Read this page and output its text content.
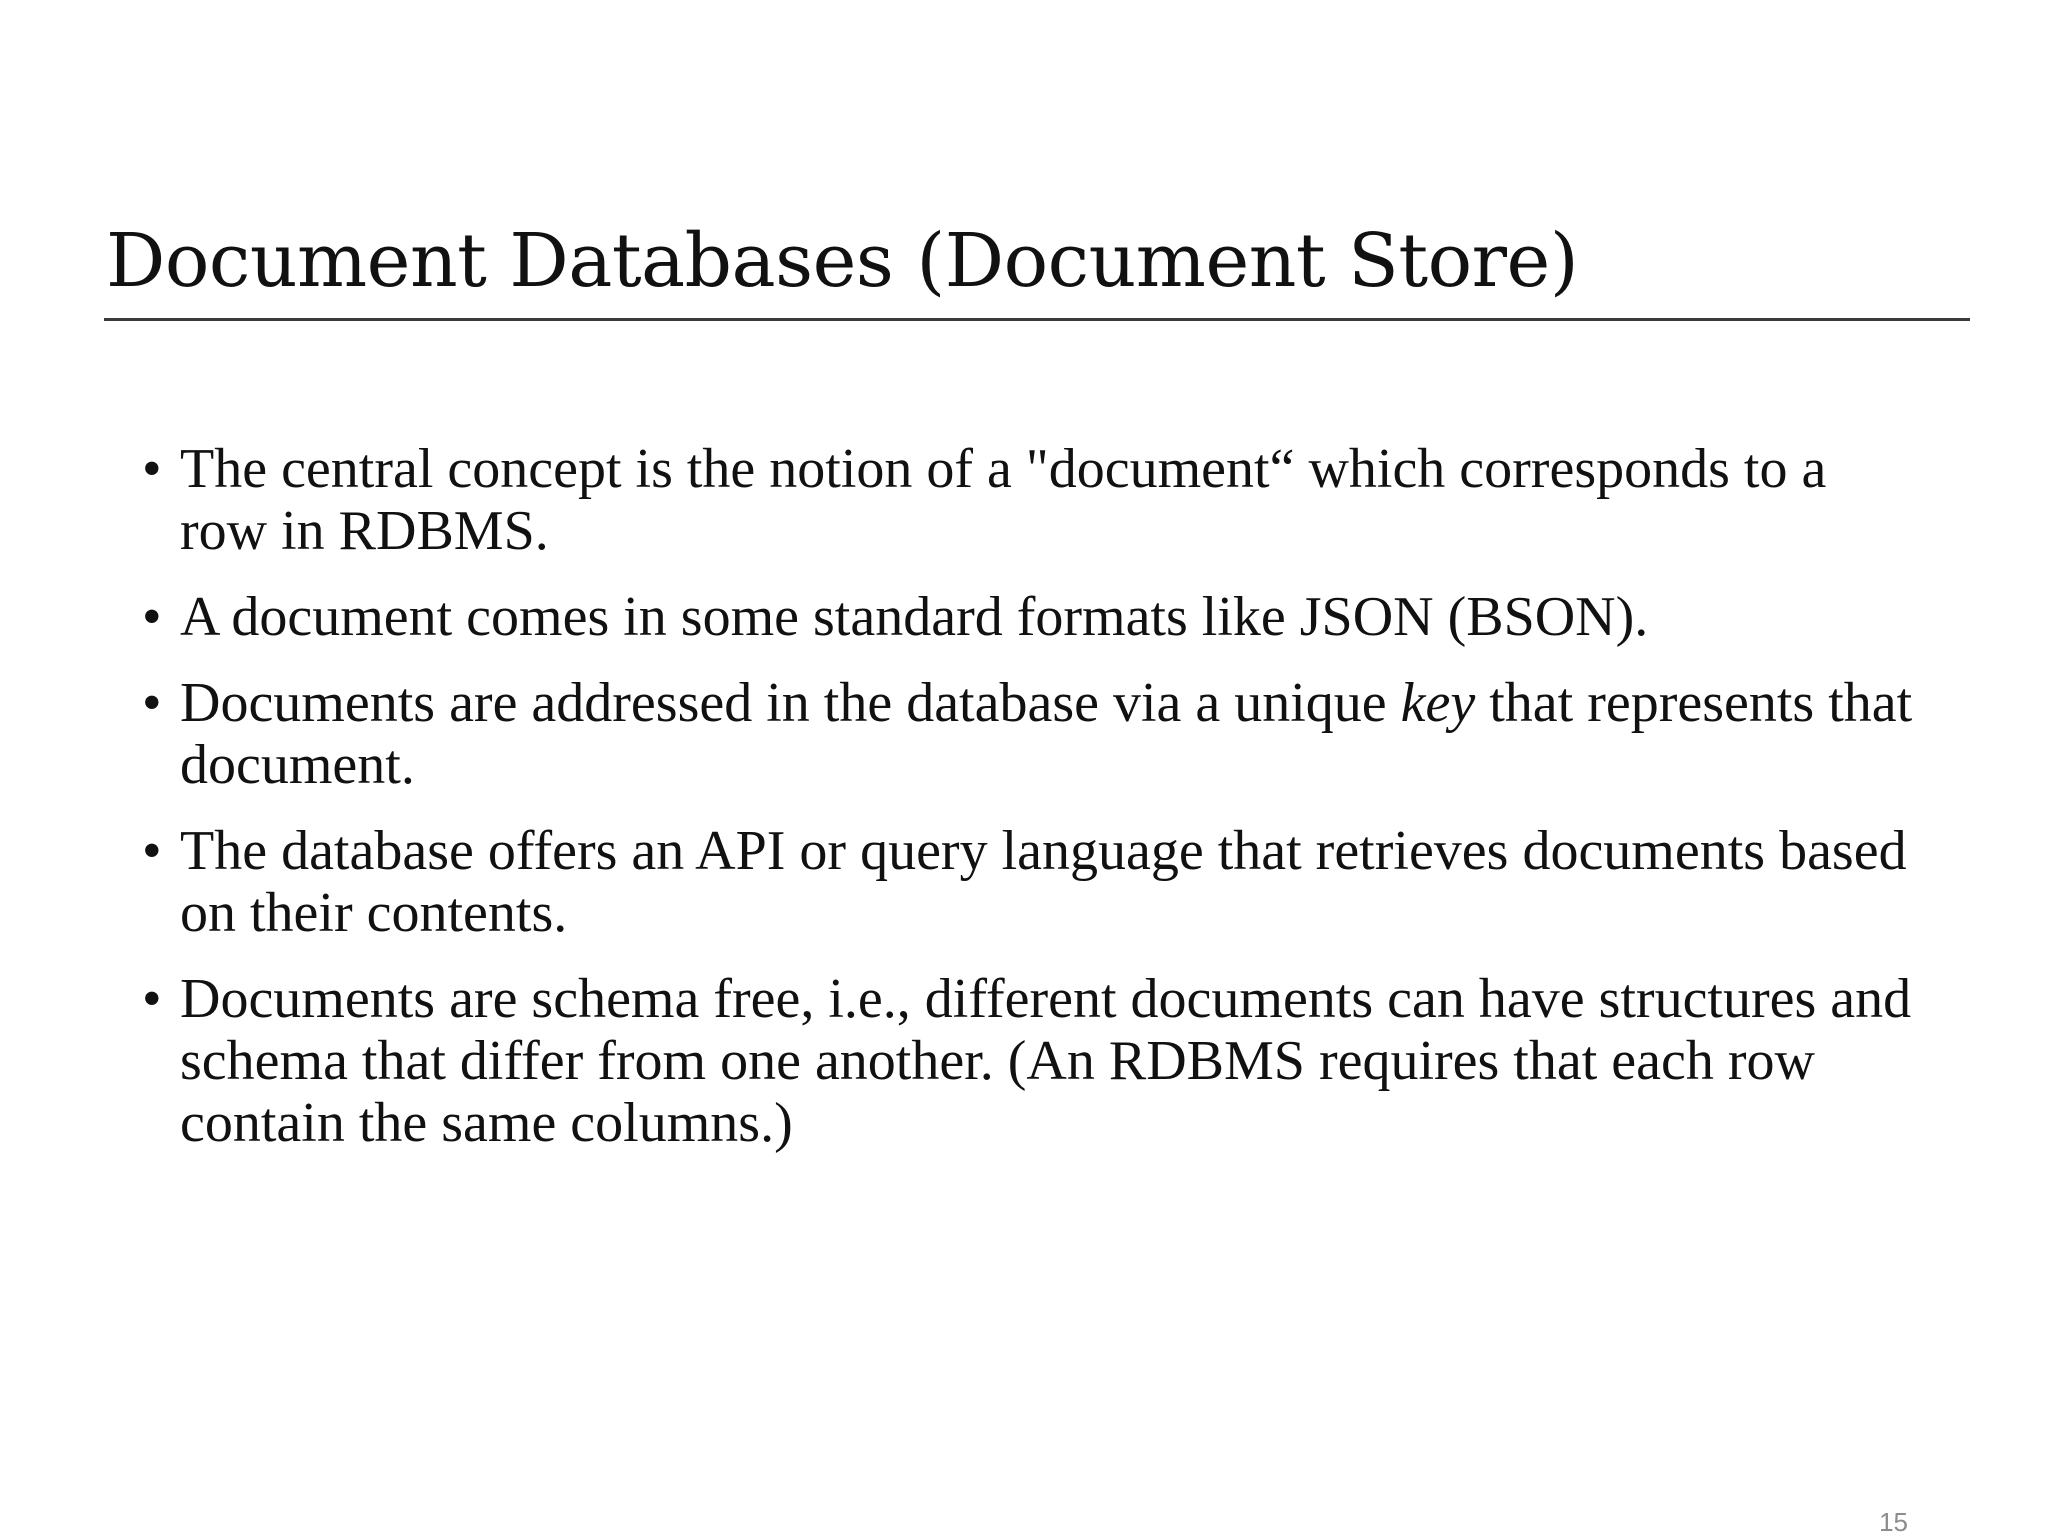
Document Databases (Document Store)
• The central concept is the notion of a "document“ which corresponds to a row in RDBMS.
• A document comes in some standard formats like JSON (BSON).
• Documents are addressed in the database via a unique key that represents that document.
• The database offers an API or query language that retrieves documents based on their contents.
• Documents are schema free, i.e., different documents can have structures and schema that differ from one another. (An RDBMS requires that each row contain the same columns.)
15
